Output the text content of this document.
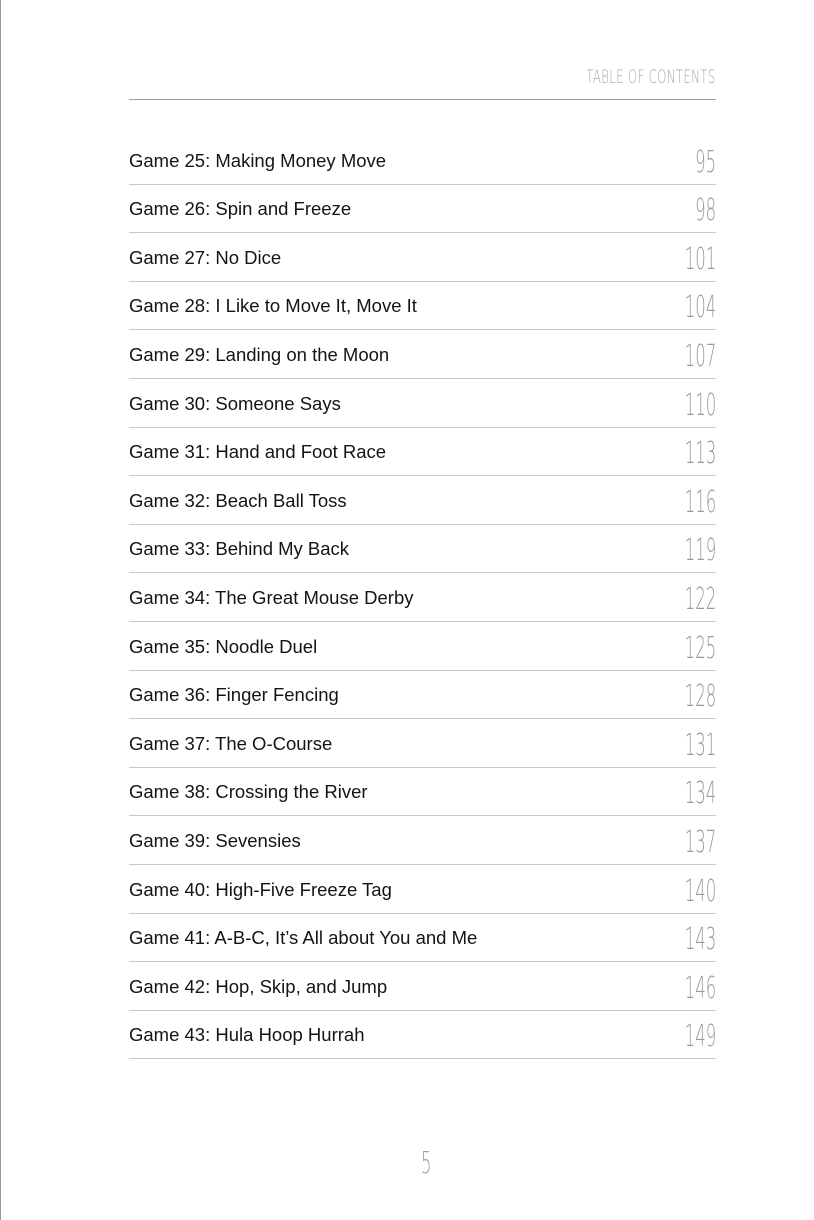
TABLE OF CONTENTS
Game 25: Making Money Move	95
Game 26: Spin and Freeze	98
Game 27: No Dice	101
Game 28: I Like to Move It, Move It	104
Game 29: Landing on the Moon	107
Game 30: Someone Says	110
Game 31: Hand and Foot Race	113
Game 32: Beach Ball Toss	116
Game 33: Behind My Back	119
Game 34: The Great Mouse Derby	122
Game 35: Noodle Duel	125
Game 36: Finger Fencing	128
Game 37: The O-Course	131
Game 38: Crossing the River	134
Game 39: Sevensies	137
Game 40: High-Five Freeze Tag	140
Game 41: A-B-C, It’s All about You and Me	143
Game 42: Hop, Skip, and Jump	146
Game 43: Hula Hoop Hurrah	149
5
